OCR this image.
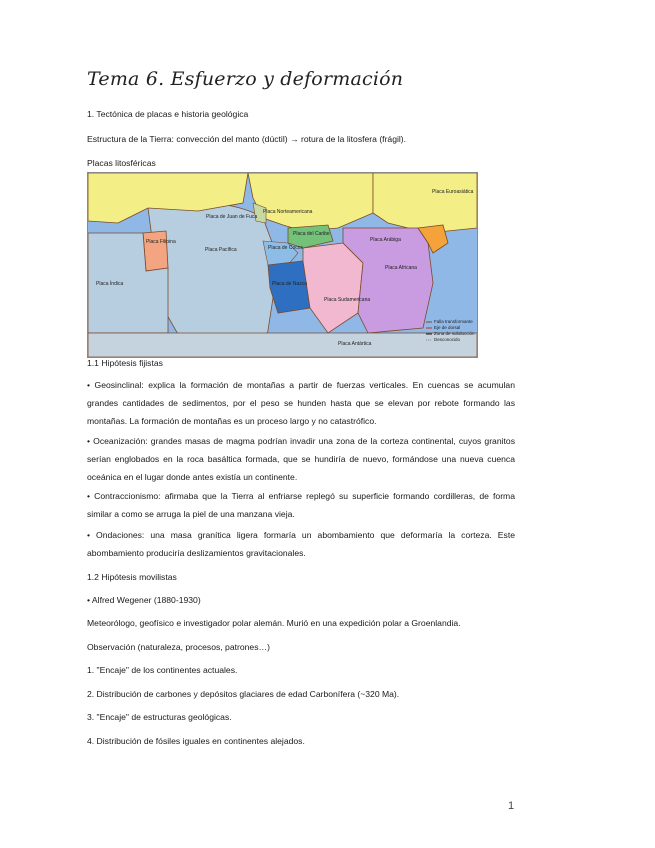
Tema 6. Esfuerzo y deformación
1. Tectónica de placas e historia geológica
Estructura de la Tierra: convección del manto (dúctil) → rotura de la litosfera (frágil).
Placas litosféricas
Placa de Juan de Fuca
Placa Norteamericana
Placa Euroasiática
Placa Filipina
Placa Pacífica	Placa de Cocos
Placa del Caribe
Placa Arábiga
Placa Africana
Placa de Nazca
Placa Sudamericana
Placa Índica
Placa Antártica
Falla transformante
Eje de dorsal
Zona de subducción
Desconocido
1.1 Hipótesis fijistas
• Geosinclinal: explica la formación de montañas a partir de fuerzas verticales. En cuencas se acumulan grandes cantidades de sedimentos, por el peso se hunden hasta que se elevan por rebote formando las montañas. La formación de montañas es un proceso largo y no catastrófico.
• Oceanización: grandes masas de magma podrían invadir una zona de la corteza continental, cuyos granitos serían englobados en la roca basáltica formada, que se hundiría de nuevo, formándose una nueva cuenca oceánica en el lugar donde antes existía un continente.
• Contraccionismo: afirmaba que la Tierra al enfriarse replegó su superficie formando cordilleras, de forma similar a como se arruga la piel de una manzana vieja.
• Ondaciones: una masa granítica ligera formaría un abombamiento que deformaría la corteza. Este abombamiento produciría deslizamientos gravitacionales.
1.2 Hipótesis movilistas
• Alfred Wegener (1880-1930)
Meteorólogo, geofísico e investigador polar alemán. Murió en una expedición polar a Groenlandia.
Observación (naturaleza, procesos, patrones…)
1. "Encaje" de los continentes actuales.
2. Distribución de carbones y depósitos glaciares de edad Carbonífera (~320 Ma).
3. "Encaje" de estructuras geológicas.
4. Distribución de fósiles iguales en continentes alejados.
1
